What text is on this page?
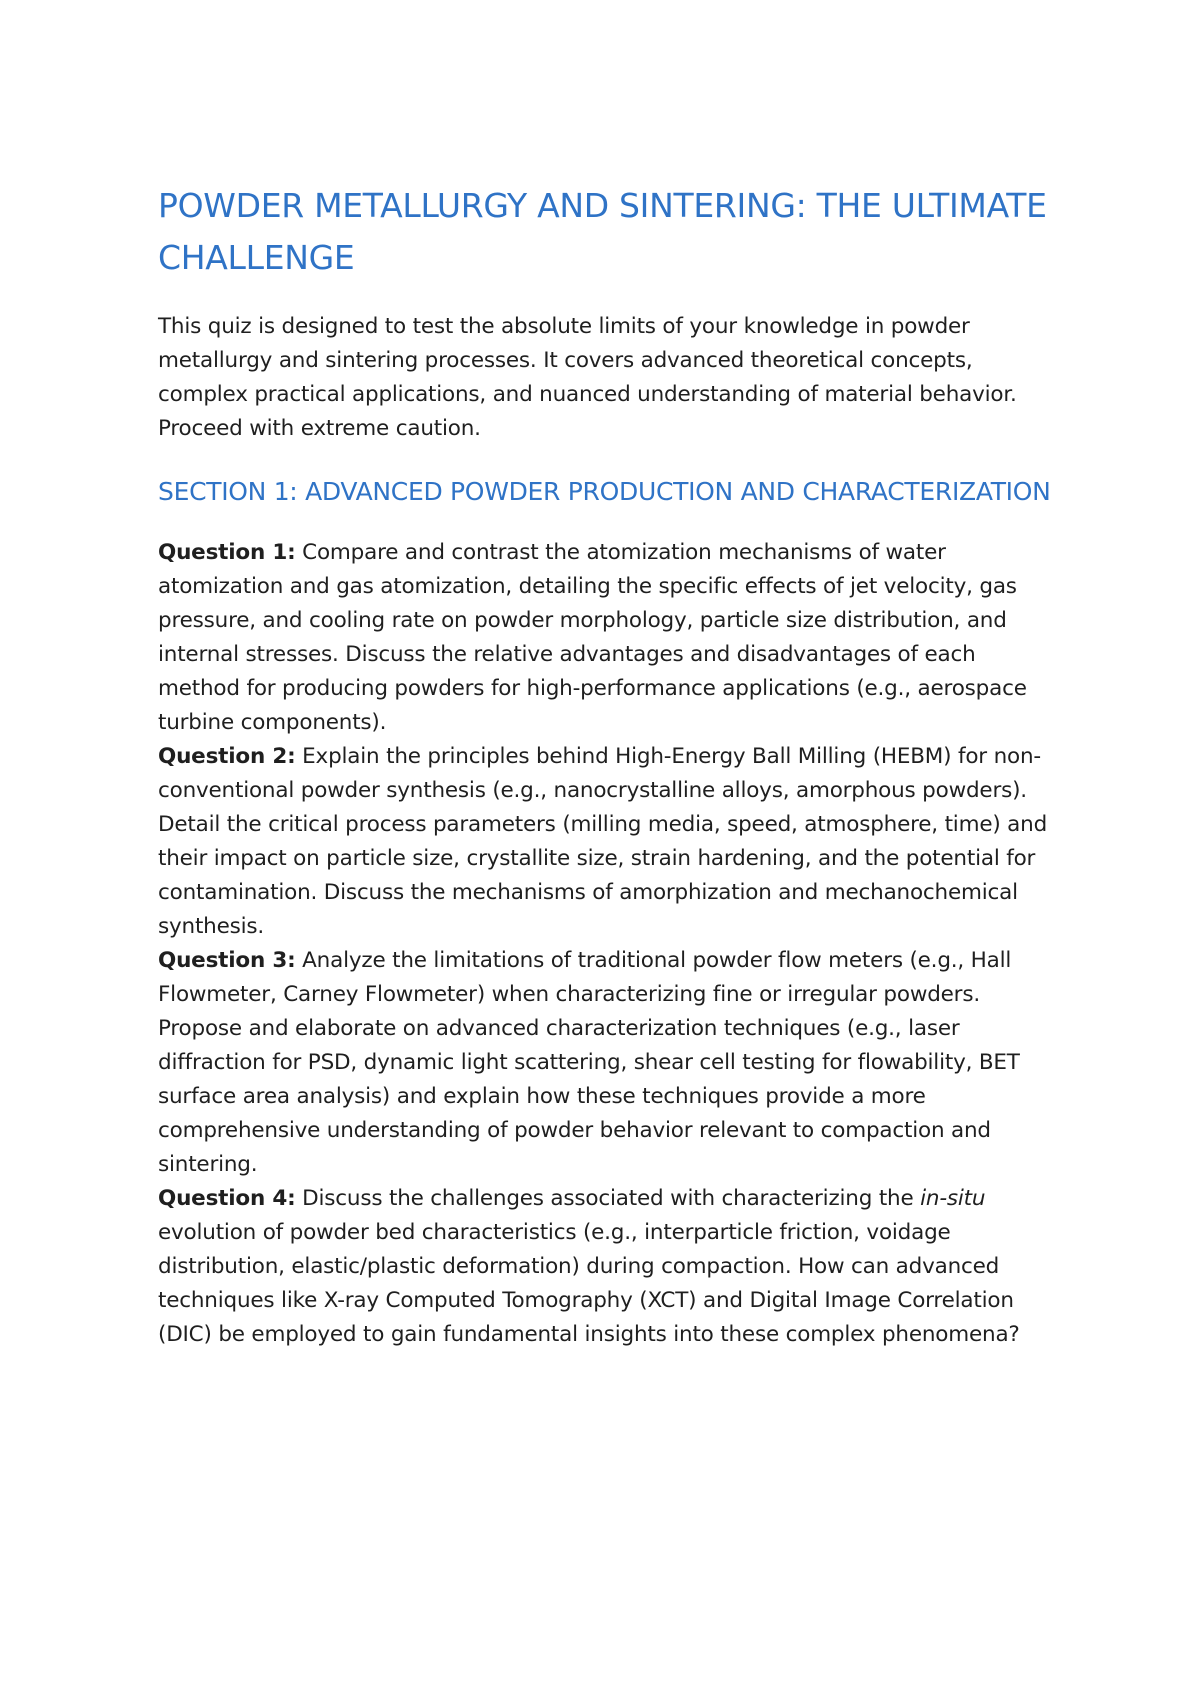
POWDER METALLURGY AND SINTERING: THE ULTIMATE CHALLENGE

This quiz is designed to test the absolute limits of your knowledge in powder metallurgy and sintering processes. It covers advanced theoretical concepts, complex practical applications, and nuanced understanding of material behavior. Proceed with extreme caution.

SECTION 1: ADVANCED POWDER PRODUCTION AND CHARACTERIZATION

Question 1: Compare and contrast the atomization mechanisms of water atomization and gas atomization, detailing the specific effects of jet velocity, gas pressure, and cooling rate on powder morphology, particle size distribution, and internal stresses. Discuss the relative advantages and disadvantages of each method for producing powders for high-performance applications (e.g., aerospace turbine components).

Question 2: Explain the principles behind High-Energy Ball Milling (HEBM) for non-conventional powder synthesis (e.g., nanocrystalline alloys, amorphous powders). Detail the critical process parameters (milling media, speed, atmosphere, time) and their impact on particle size, crystallite size, strain hardening, and the potential for contamination. Discuss the mechanisms of amorphization and mechanochemical synthesis.

Question 3: Analyze the limitations of traditional powder flow meters (e.g., Hall Flowmeter, Carney Flowmeter) when characterizing fine or irregular powders. Propose and elaborate on advanced characterization techniques (e.g., laser diffraction for PSD, dynamic light scattering, shear cell testing for flowability, BET surface area analysis) and explain how these techniques provide a more comprehensive understanding of powder behavior relevant to compaction and sintering.

Question 4: Discuss the challenges associated with characterizing the in-situ evolution of powder bed characteristics (e.g., interparticle friction, voidage distribution, elastic/plastic deformation) during compaction. How can advanced techniques like X-ray Computed Tomography (XCT) and Digital Image Correlation (DIC) be employed to gain fundamental insights into these complex phenomena?
